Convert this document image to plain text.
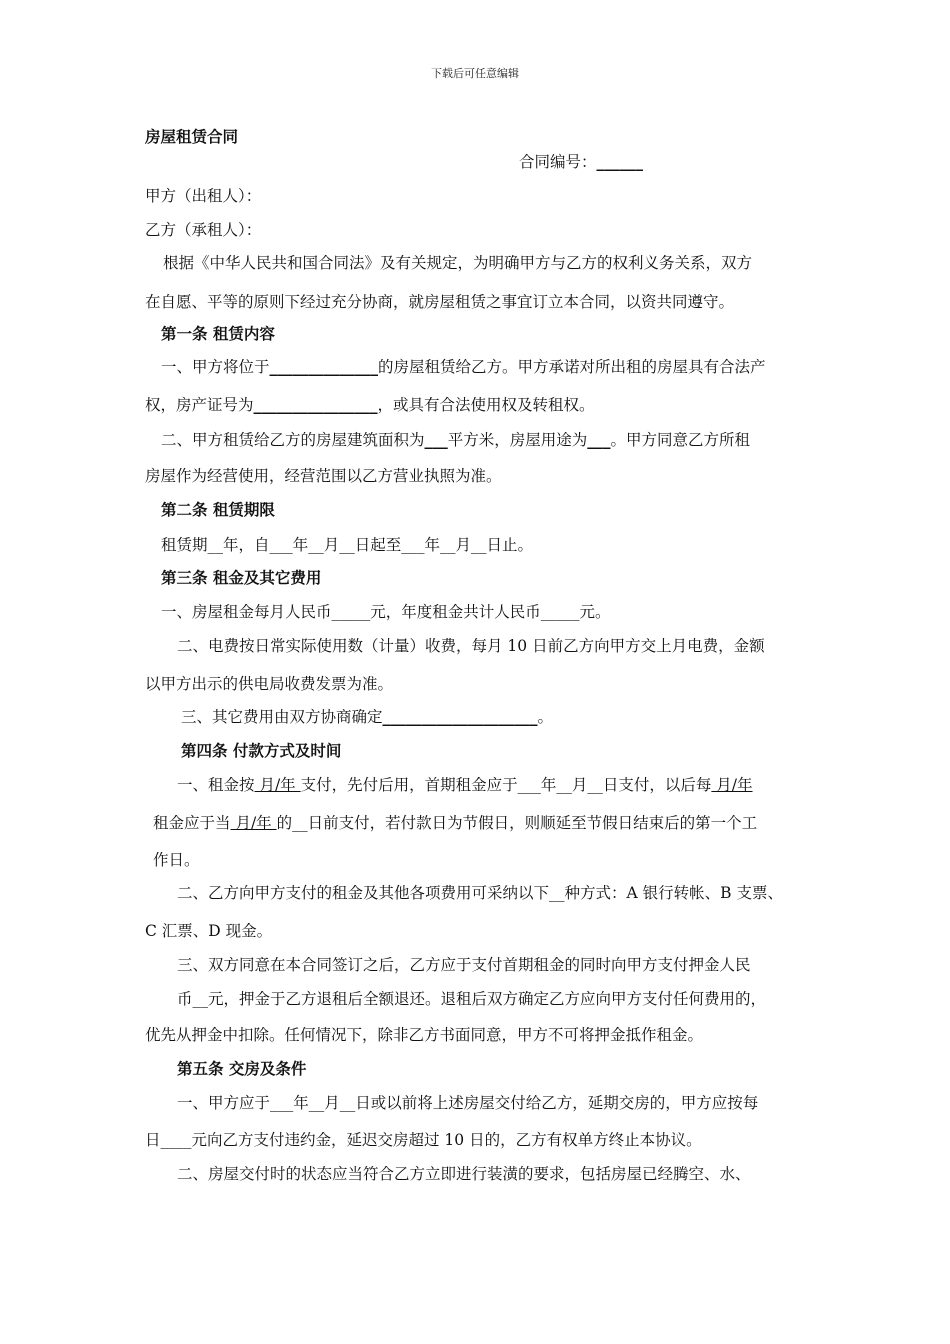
下载后可任意编辑
房屋租赁合同
合同编号：______
甲方（出租人）：
乙方（承租人）：
根据《中华人民共和国合同法》及有关规定，为明确甲方与乙方的权利义务关系，双方
在自愿、平等的原则下经过充分协商，就房屋租赁之事宜订立本合同，以资共同遵守。
第一条 租赁内容
一、甲方将位于______________的房屋租赁给乙方。甲方承诺对所出租的房屋具有合法产
权，房产证号为________________，或具有合法使用权及转租权。
二、甲方租赁给乙方的房屋建筑面积为___平方米，房屋用途为___。甲方同意乙方所租
房屋作为经营使用，经营范围以乙方营业执照为准。
第二条 租赁期限
租赁期__年，自___年__月__日起至___年__月__日止。
第三条 租金及其它费用
一、房屋租金每月人民币_____元，年度租金共计人民币_____元。
二、电费按日常实际使用数（计量）收费，每月 10 日前乙方向甲方交上月电费，金额
以甲方出示的供电局收费发票为准。
三、其它费用由双方协商确定____________________。
第四条 付款方式及时间
一、租金按 月/年 支付，先付后用，首期租金应于___年__月__日支付，以后每 月/年
租金应于当 月/年 的__日前支付，若付款日为节假日，则顺延至节假日结束后的第一个工
作日。
二、乙方向甲方支付的租金及其他各项费用可采纳以下__种方式：A 银行转帐、B 支票、
C 汇票、D 现金。
三、双方同意在本合同签订之后，乙方应于支付首期租金的同时向甲方支付押金人民
币__元，押金于乙方退租后全额退还。退租后双方确定乙方应向甲方支付任何费用的，
优先从押金中扣除。任何情况下，除非乙方书面同意，甲方不可将押金抵作租金。
第五条 交房及条件
一、甲方应于___年__月__日或以前将上述房屋交付给乙方，延期交房的，甲方应按每
日____元向乙方支付违约金，延迟交房超过 10 日的，乙方有权单方终止本协议。
二、房屋交付时的状态应当符合乙方立即进行装潢的要求，包括房屋已经腾空、水、
